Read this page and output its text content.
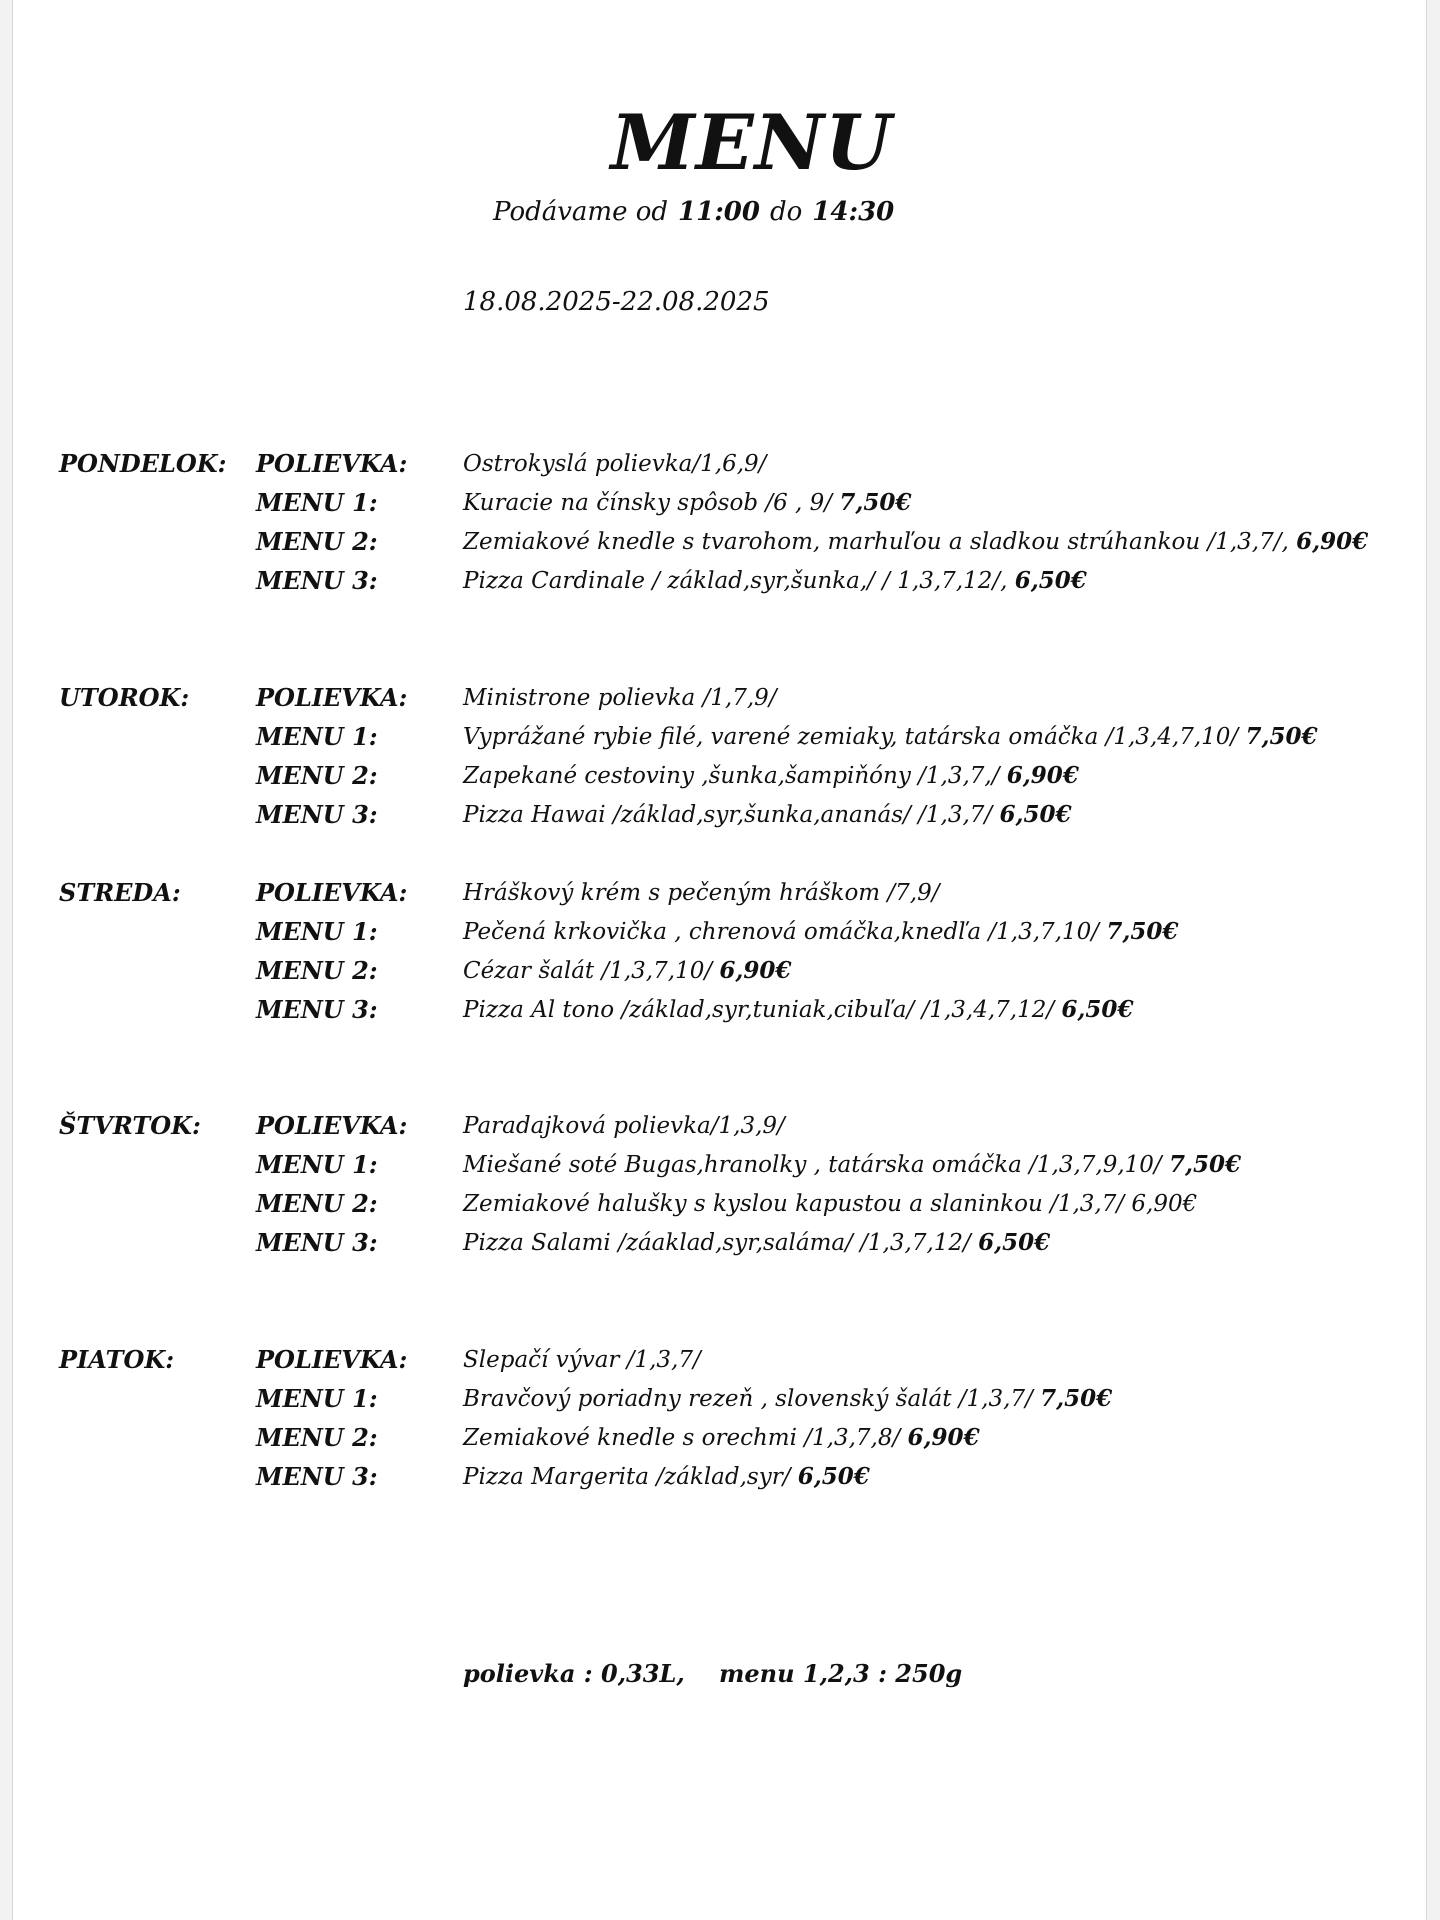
MENU
Podávame od 11:00 do 14:30
18.08.2025-22.08.2025
PONDELOK: POLIEVKA: Ostrokyslá polievka/1,6,9/
MENU 1:	Kuracie na čínsky spôsob /6 , 9/ 7,50€
MENU 2:	Zemiakové knedle s tvarohom, marhuľou a sladkou strúhankou /1,3,7/, 6,90€
MENU 3:	Pizza Cardinale / základ,syr,šunka,/ / 1,3,7,12/, 6,50€
UTOROK:	POLIEVKA: Ministrone polievka /1,7,9/
MENU 1:	Vyprážané rybie filé, varené zemiaky, tatárska omáčka /1,3,4,7,10/ 7,50€
MENU 2:	Zapekané cestoviny ,šunka,šampiňóny /1,3,7,/ 6,90€
MENU 3:	Pizza Hawai /základ,syr,šunka,ananás/ /1,3,7/ 6,50€
STREDA:	POLIEVKA: Hráškový krém s pečeným hráškom /7,9/
MENU 1:	Pečená krkovička , chrenová omáčka,knedľa /1,3,7,10/ 7,50€
MENU 2:	Cézar šalát /1,3,7,10/ 6,90€
MENU 3:	Pizza Al tono /základ,syr,tuniak,cibuľa/ /1,3,4,7,12/ 6,50€
ŠTVRTOK: POLIEVKA: Paradajková polievka/1,3,9/
MENU 1:	Miešané soté Bugas,hranolky , tatárska omáčka /1,3,7,9,10/ 7,50€
MENU 2:	Zemiakové halušky s kyslou kapustou a slaninkou /1,3,7/ 6,90€
MENU 3:	Pizza Salami /záaklad,syr,saláma/ /1,3,7,12/ 6,50€
PIATOK:	POLIEVKA: Slepačí vývar /1,3,7/
MENU 1:	Bravčový poriadny rezeň , slovenský šalát /1,3,7/ 7,50€
MENU 2:	Zemiakové knedle s orechmi /1,3,7,8/ 6,90€
MENU 3:	Pizza Margerita /základ,syr/ 6,50€
polievka : 0,33L, menu 1,2,3 : 250g
